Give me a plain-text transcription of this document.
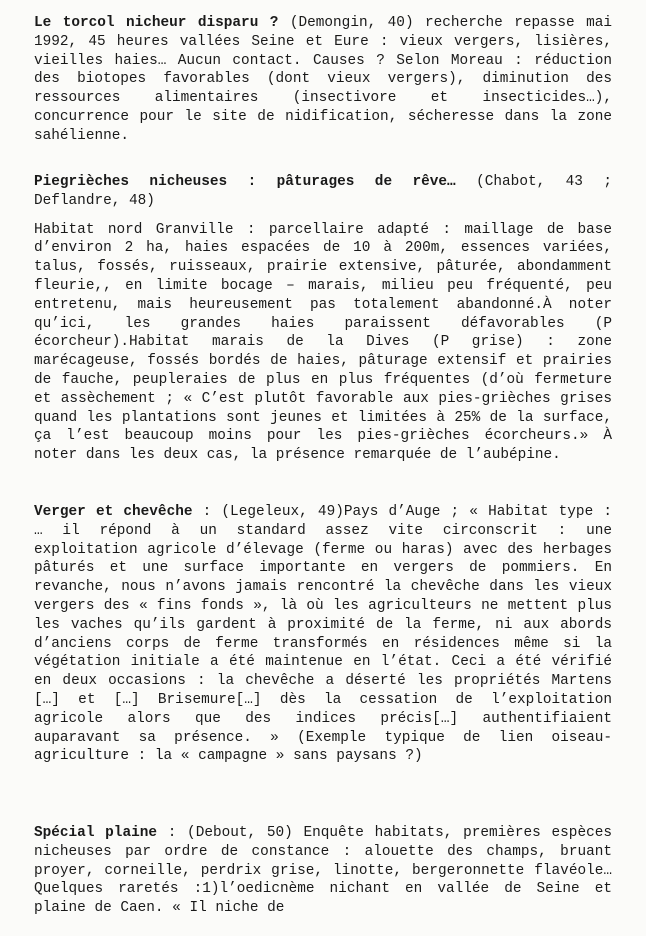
Le torcol nicheur disparu ? (Demongin, 40) recherche repasse mai 1992, 45 heures vallées Seine et Eure : vieux vergers, lisières, vieilles haies… Aucun contact. Causes ? Selon Moreau : réduction des biotopes favorables (dont vieux vergers), diminution des ressources alimentaires (insectivore et insecticides…), concurrence pour le site de nidification, sécheresse dans la zone sahélienne.

Piegrièches nicheuses : pâturages de rêve… (Chabot, 43 ; Deflandre, 48)

Habitat nord Granville : parcellaire adapté : maillage de base d’environ 2 ha, haies espacées de 10 à 200m, essences variées, talus, fossés, ruisseaux, prairie extensive, pâturée, abondamment fleurie,, en limite bocage – marais, milieu peu fréquenté, peu entretenu, mais heureusement pas totalement abandonné.À noter qu’ici, les grandes haies paraissent défavorables (P écorcheur).Habitat marais de la Dives (P grise) : zone marécageuse, fossés bordés de haies, pâturage extensif et prairies de fauche, peupleraies de plus en plus fréquentes (d’où fermeture et assèchement ; « C’est plutôt favorable aux pies-grièches grises quand les plantations sont jeunes et limitées à 25% de la surface, ça l’est beaucoup moins pour les pies-grièches écorcheurs.» À noter dans les deux cas, la présence remarquée de l’aubépine.

Verger et chevêche : (Legeleux, 49)Pays d’Auge ; « Habitat type : … il répond à un standard assez vite circonscrit : une exploitation agricole d’élevage (ferme ou haras) avec des herbages pâturés et une surface importante en vergers de pommiers. En revanche, nous n’avons jamais rencontré la chevêche dans les vieux vergers des « fins fonds », là où les agriculteurs ne mettent plus les vaches qu’ils gardent à proximité de la ferme, ni aux abords d’anciens corps de ferme transformés en résidences même si la végétation initiale a été maintenue en l’état. Ceci a été vérifié en deux occasions : la chevêche a déserté les propriétés Martens […] et […] Brisemure[…] dès la cessation de l’exploitation agricole alors que des indices précis[…] authentifiaient auparavant sa présence. » (Exemple typique de lien oiseau-agriculture : la « campagne » sans paysans ?)

Spécial plaine : (Debout, 50) Enquête habitats, premières espèces nicheuses par ordre de constance : alouette des champs, bruant proyer, corneille, perdrix grise, linotte, bergeronnette flavéole… Quelques raretés :1)l’oedicnème nichant en vallée de Seine et plaine de Caen. « Il niche de
